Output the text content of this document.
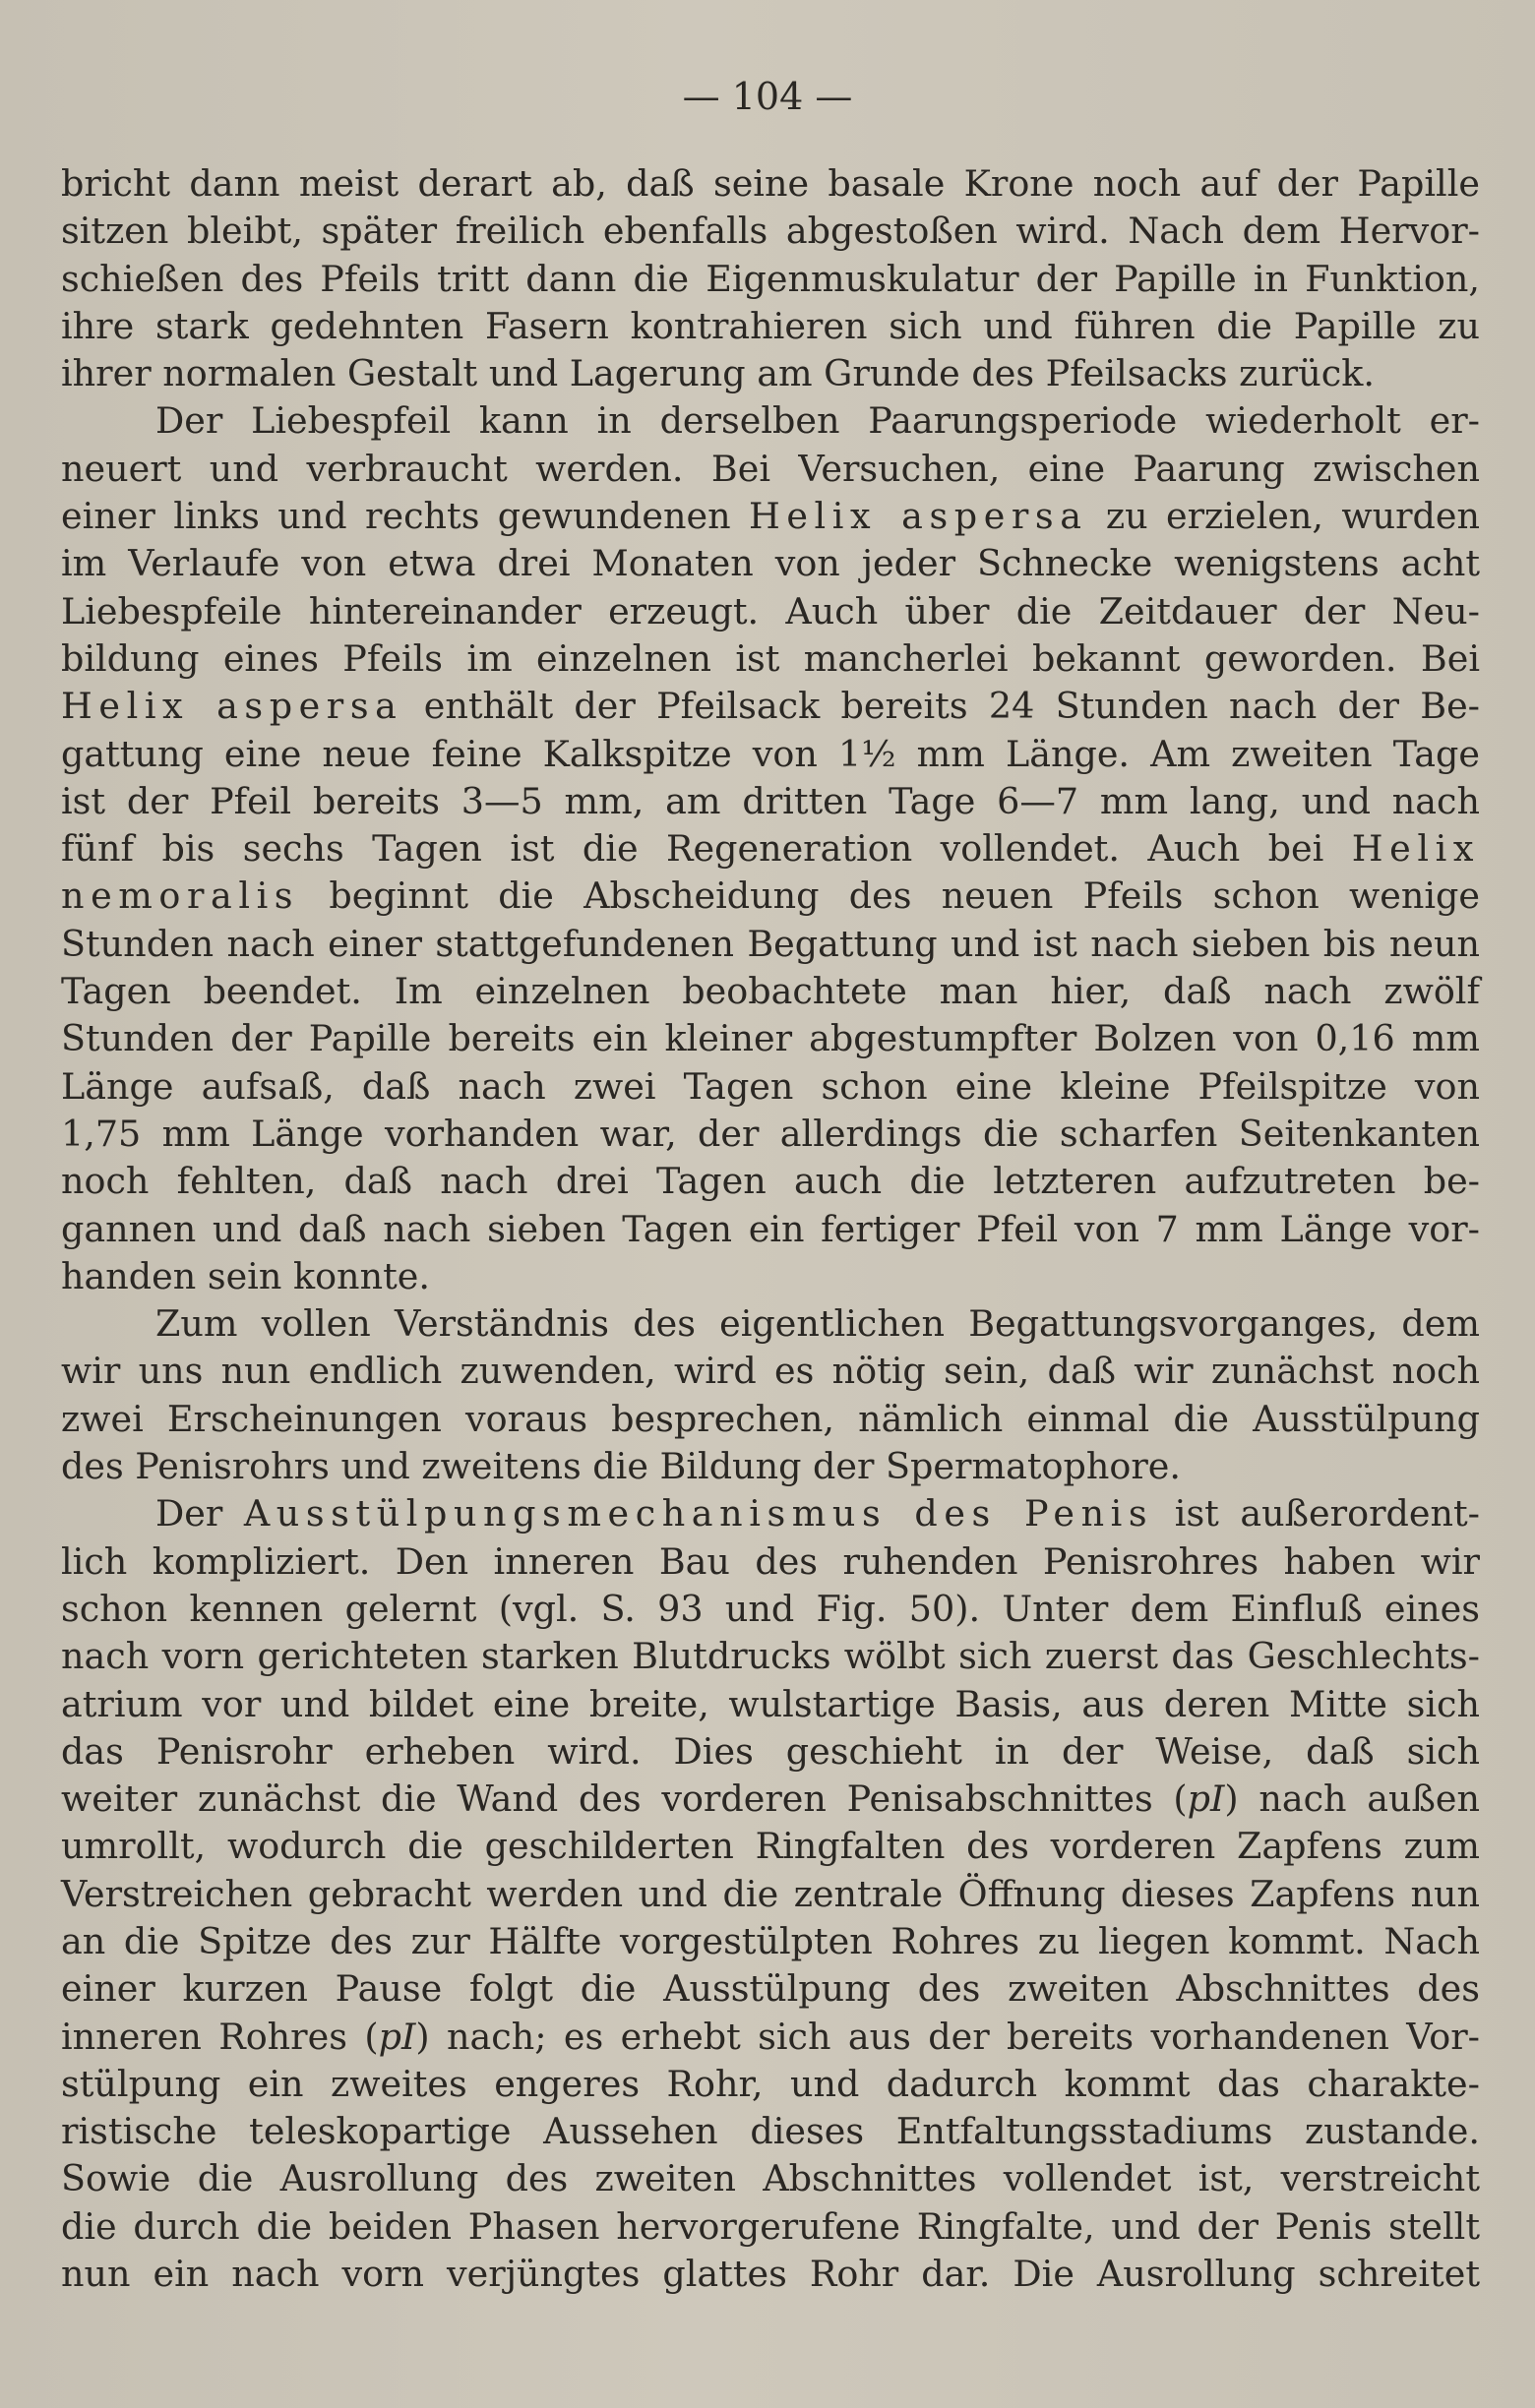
— 104 —
bricht dann meist derart ab, daß seine basale Krone noch auf der Papille
sitzen bleibt, später freilich ebenfalls abgestoßen wird. Nach dem Hervor-
schießen des Pfeils tritt dann die Eigenmuskulatur der Papille in Funktion,
ihre stark gedehnten Fasern kontrahieren sich und führen die Papille zu
ihrer normalen Gestalt und Lagerung am Grunde des Pfeilsacks zurück.
Der Liebespfeil kann in derselben Paarungsperiode wiederholt er-
neuert und verbraucht werden. Bei Versuchen, eine Paarung zwischen
einer links und rechts gewundenen Helix aspersa zu erzielen, wurden
im Verlaufe von etwa drei Monaten von jeder Schnecke wenigstens acht
Liebespfeile hintereinander erzeugt. Auch über die Zeitdauer der Neu-
bildung eines Pfeils im einzelnen ist mancherlei bekannt geworden. Bei
Helix aspersa enthält der Pfeilsack bereits 24 Stunden nach der Be-
gattung eine neue feine Kalkspitze von 1½ mm Länge. Am zweiten Tage
ist der Pfeil bereits 3—5 mm, am dritten Tage 6—7 mm lang, und nach
fünf bis sechs Tagen ist die Regeneration vollendet. Auch bei Helix
nemoralis beginnt die Abscheidung des neuen Pfeils schon wenige
Stunden nach einer stattgefundenen Begattung und ist nach sieben bis neun
Tagen beendet. Im einzelnen beobachtete man hier, daß nach zwölf
Stunden der Papille bereits ein kleiner abgestumpfter Bolzen von 0,16 mm
Länge aufsaß, daß nach zwei Tagen schon eine kleine Pfeilspitze von
1,75 mm Länge vorhanden war, der allerdings die scharfen Seitenkanten
noch fehlten, daß nach drei Tagen auch die letzteren aufzutreten be-
gannen und daß nach sieben Tagen ein fertiger Pfeil von 7 mm Länge vor-
handen sein konnte.
Zum vollen Verständnis des eigentlichen Begattungsvorganges, dem
wir uns nun endlich zuwenden, wird es nötig sein, daß wir zunächst noch
zwei Erscheinungen voraus besprechen, nämlich einmal die Ausstülpung
des Penisrohrs und zweitens die Bildung der Spermatophore.
Der Ausstülpungsmechanismus des Penis ist außerordent-
lich kompliziert. Den inneren Bau des ruhenden Penisrohres haben wir
schon kennen gelernt (vgl. S. 93 und Fig. 50). Unter dem Einfluß eines
nach vorn gerichteten starken Blutdrucks wölbt sich zuerst das Geschlechts-
atrium vor und bildet eine breite, wulstartige Basis, aus deren Mitte sich
das Penisrohr erheben wird. Dies geschieht in der Weise, daß sich
weiter zunächst die Wand des vorderen Penisabschnittes (pI) nach außen
umrollt, wodurch die geschilderten Ringfalten des vorderen Zapfens zum
Verstreichen gebracht werden und die zentrale Öffnung dieses Zapfens nun
an die Spitze des zur Hälfte vorgestülpten Rohres zu liegen kommt. Nach
einer kurzen Pause folgt die Ausstülpung des zweiten Abschnittes des
inneren Rohres (pI) nach; es erhebt sich aus der bereits vorhandenen Vor-
stülpung ein zweites engeres Rohr, und dadurch kommt das charakte-
ristische teleskopartige Aussehen dieses Entfaltungsstadiums zustande.
Sowie die Ausrollung des zweiten Abschnittes vollendet ist, verstreicht
die durch die beiden Phasen hervorgerufene Ringfalte, und der Penis stellt
nun ein nach vorn verjüngtes glattes Rohr dar. Die Ausrollung schreitet
